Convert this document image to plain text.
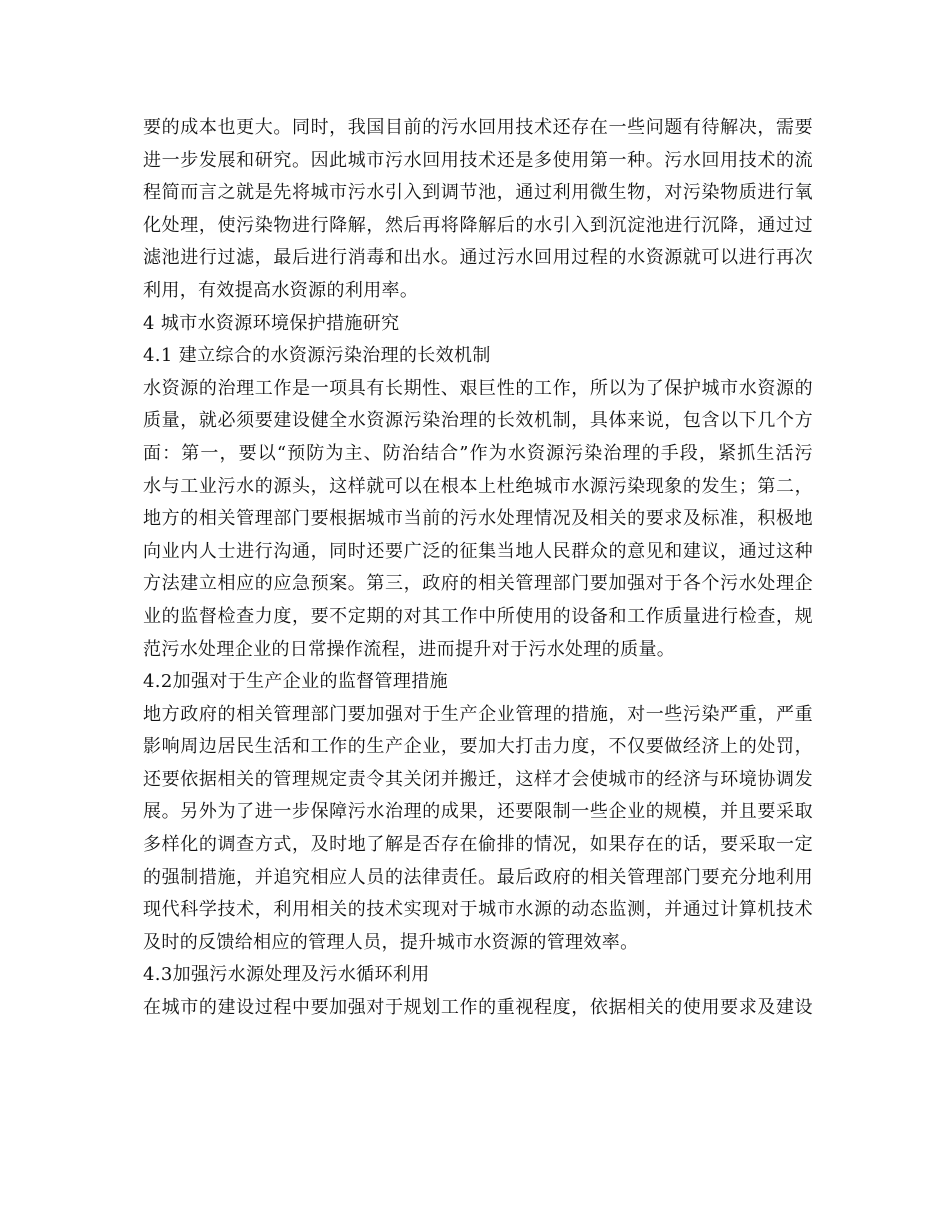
要的成本也更大。同时，我国目前的污水回用技术还存在一些问题有待解决，需要
进一步发展和研究。因此城市污水回用技术还是多使用第一种。污水回用技术的流
程简而言之就是先将城市污水引入到调节池，通过利用微生物，对污染物质进行氧
化处理，使污染物进行降解，然后再将降解后的水引入到沉淀池进行沉降，通过过
滤池进行过滤，最后进行消毒和出水。通过污水回用过程的水资源就可以进行再次
利用，有效提高水资源的利用率。
4 城市水资源环境保护措施研究
4.1 建立综合的水资源污染治理的长效机制
水资源的治理工作是一项具有长期性、艰巨性的工作，所以为了保护城市水资源的
质量，就必须要建设健全水资源污染治理的长效机制，具体来说，包含以下几个方
面：第一，要以“预防为主、防治结合”作为水资源污染治理的手段，紧抓生活污
水与工业污水的源头，这样就可以在根本上杜绝城市水源污染现象的发生；第二，
地方的相关管理部门要根据城市当前的污水处理情况及相关的要求及标准，积极地
向业内人士进行沟通，同时还要广泛的征集当地人民群众的意见和建议，通过这种
方法建立相应的应急预案。第三，政府的相关管理部门要加强对于各个污水处理企
业的监督检查力度，要不定期的对其工作中所使用的设备和工作质量进行检查，规
范污水处理企业的日常操作流程，进而提升对于污水处理的质量。
4.2加强对于生产企业的监督管理措施
地方政府的相关管理部门要加强对于生产企业管理的措施，对一些污染严重，严重
影响周边居民生活和工作的生产企业，要加大打击力度，不仅要做经济上的处罚，
还要依据相关的管理规定责令其关闭并搬迁，这样才会使城市的经济与环境协调发
展。另外为了进一步保障污水治理的成果，还要限制一些企业的规模，并且要采取
多样化的调查方式，及时地了解是否存在偷排的情况，如果存在的话，要采取一定
的强制措施，并追究相应人员的法律责任。最后政府的相关管理部门要充分地利用
现代科学技术，利用相关的技术实现对于城市水源的动态监测，并通过计算机技术
及时的反馈给相应的管理人员，提升城市水资源的管理效率。
4.3加强污水源处理及污水循环利用
在城市的建设过程中要加强对于规划工作的重视程度，依据相关的使用要求及建设
